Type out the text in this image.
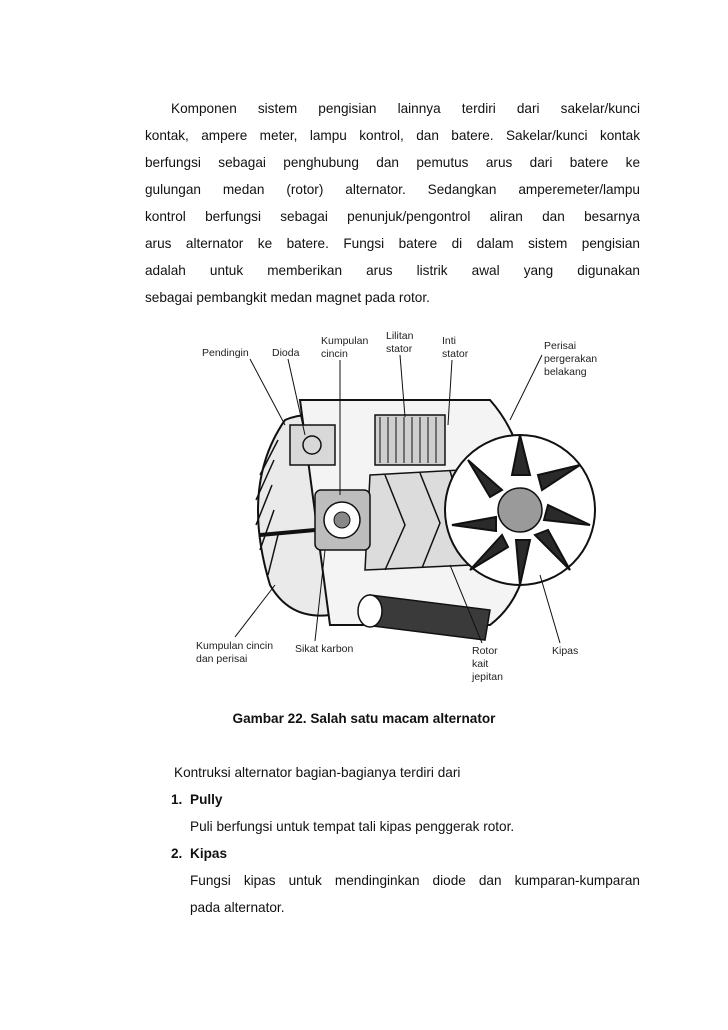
Komponen sistem pengisian lainnya terdiri dari sakelar/kunci
kontak, ampere meter, lampu kontrol, dan batere. Sakelar/kunci kontak
berfungsi sebagai penghubung dan pemutus arus dari batere ke
gulungan medan (rotor) alternator. Sedangkan amperemeter/lampu
kontrol berfungsi sebagai penunjuk/pengontrol aliran dan besarnya
arus alternator ke batere. Fungsi batere di dalam sistem pengisian
adalah untuk memberikan arus listrik awal yang digunakan
sebagai pembangkit medan magnet pada rotor.
Pendingin Dioda
Kumpulan
cincin
Lilitan
stator
Inti
stator
Perisai
pergerakan
belakang
Kumpulan cincin
dan perisai
Sikat karbon	Rotor
kait
jepitan
Kipas
Gambar 22. Salah satu macam alternator
Kontruksi alternator bagian-bagianya terdiri dari
1. Pully
Puli berfungsi untuk tempat tali kipas penggerak rotor.
2. Kipas
Fungsi kipas untuk mendinginkan diode dan kumparan-kumparan
pada alternator.
